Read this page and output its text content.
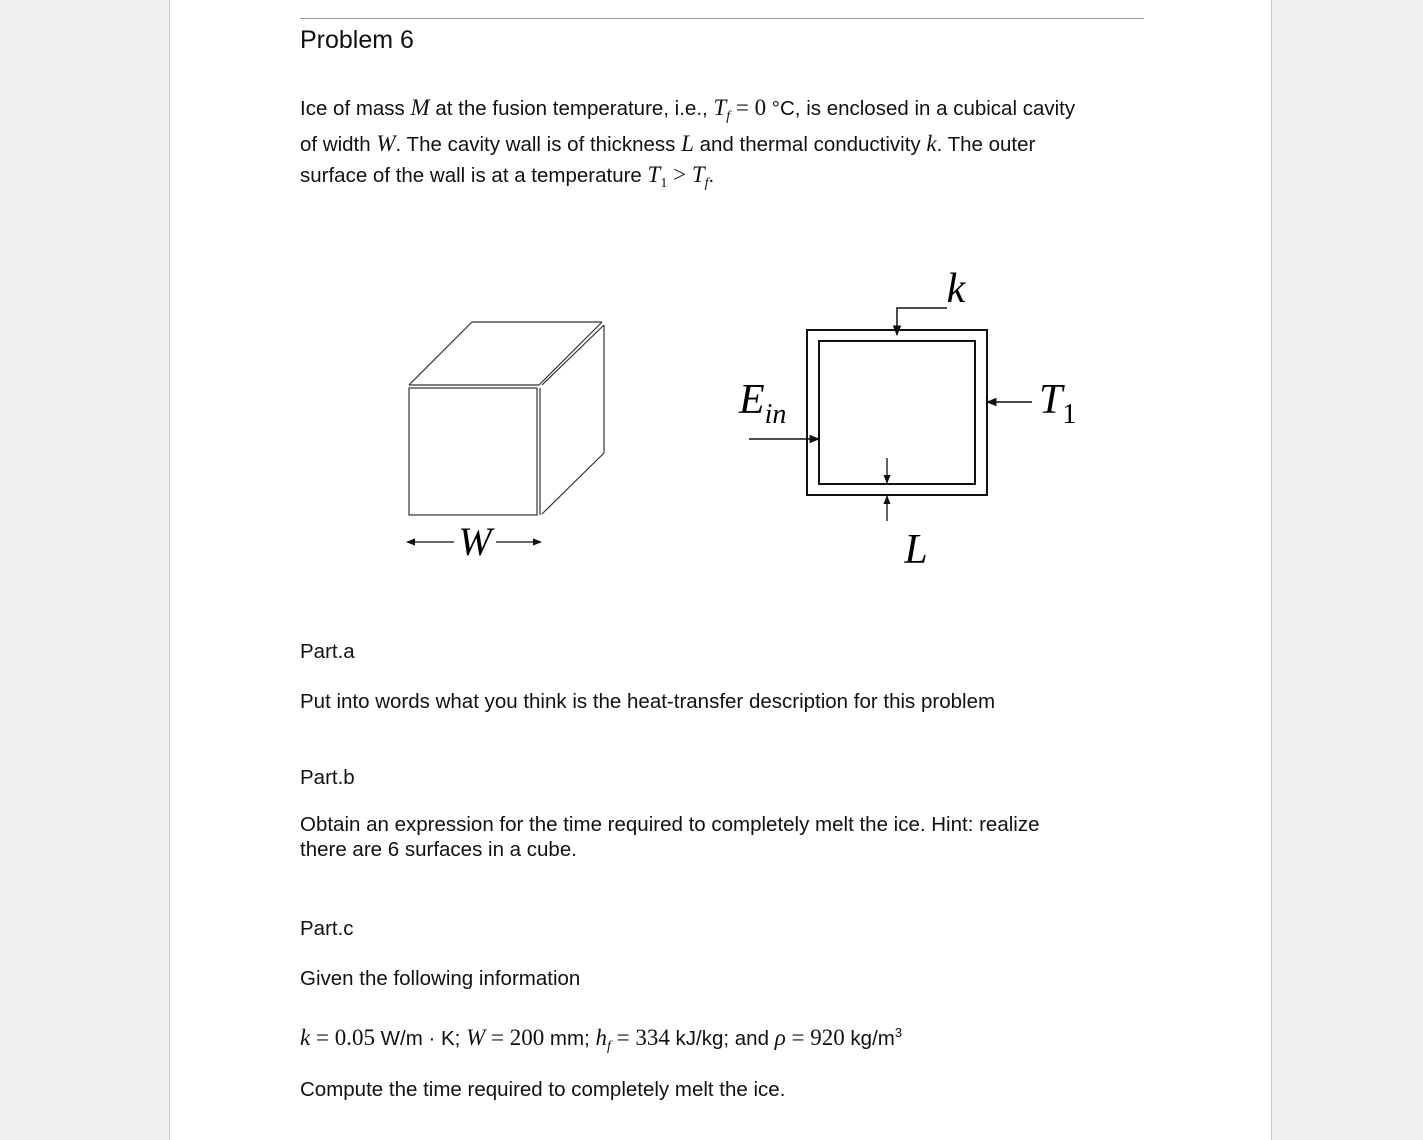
Problem 6
Ice of mass M at the fusion temperature, i.e., $T_f = 0$ °C, is enclosed in a cubical cavity
of width W. The cavity wall is of thickness L and thermal conductivity k. The outer
surface of the wall is at a temperature $T_1 > T_f$.
W
k
$E_{in}$	$T_1$
L
Part.a
Put into words what you think is the heat-transfer description for this problem
Part.b
Obtain an expression for the time required to completely melt the ice. Hint: realize
there are 6 surfaces in a cube.
Part.c
Given the following information
k = 0.05 W/m · K; W = 200 mm; $h_f = 334$ kJ/kg; and ρ = 920 $kg/m^3$
Compute the time required to completely melt the ice.
